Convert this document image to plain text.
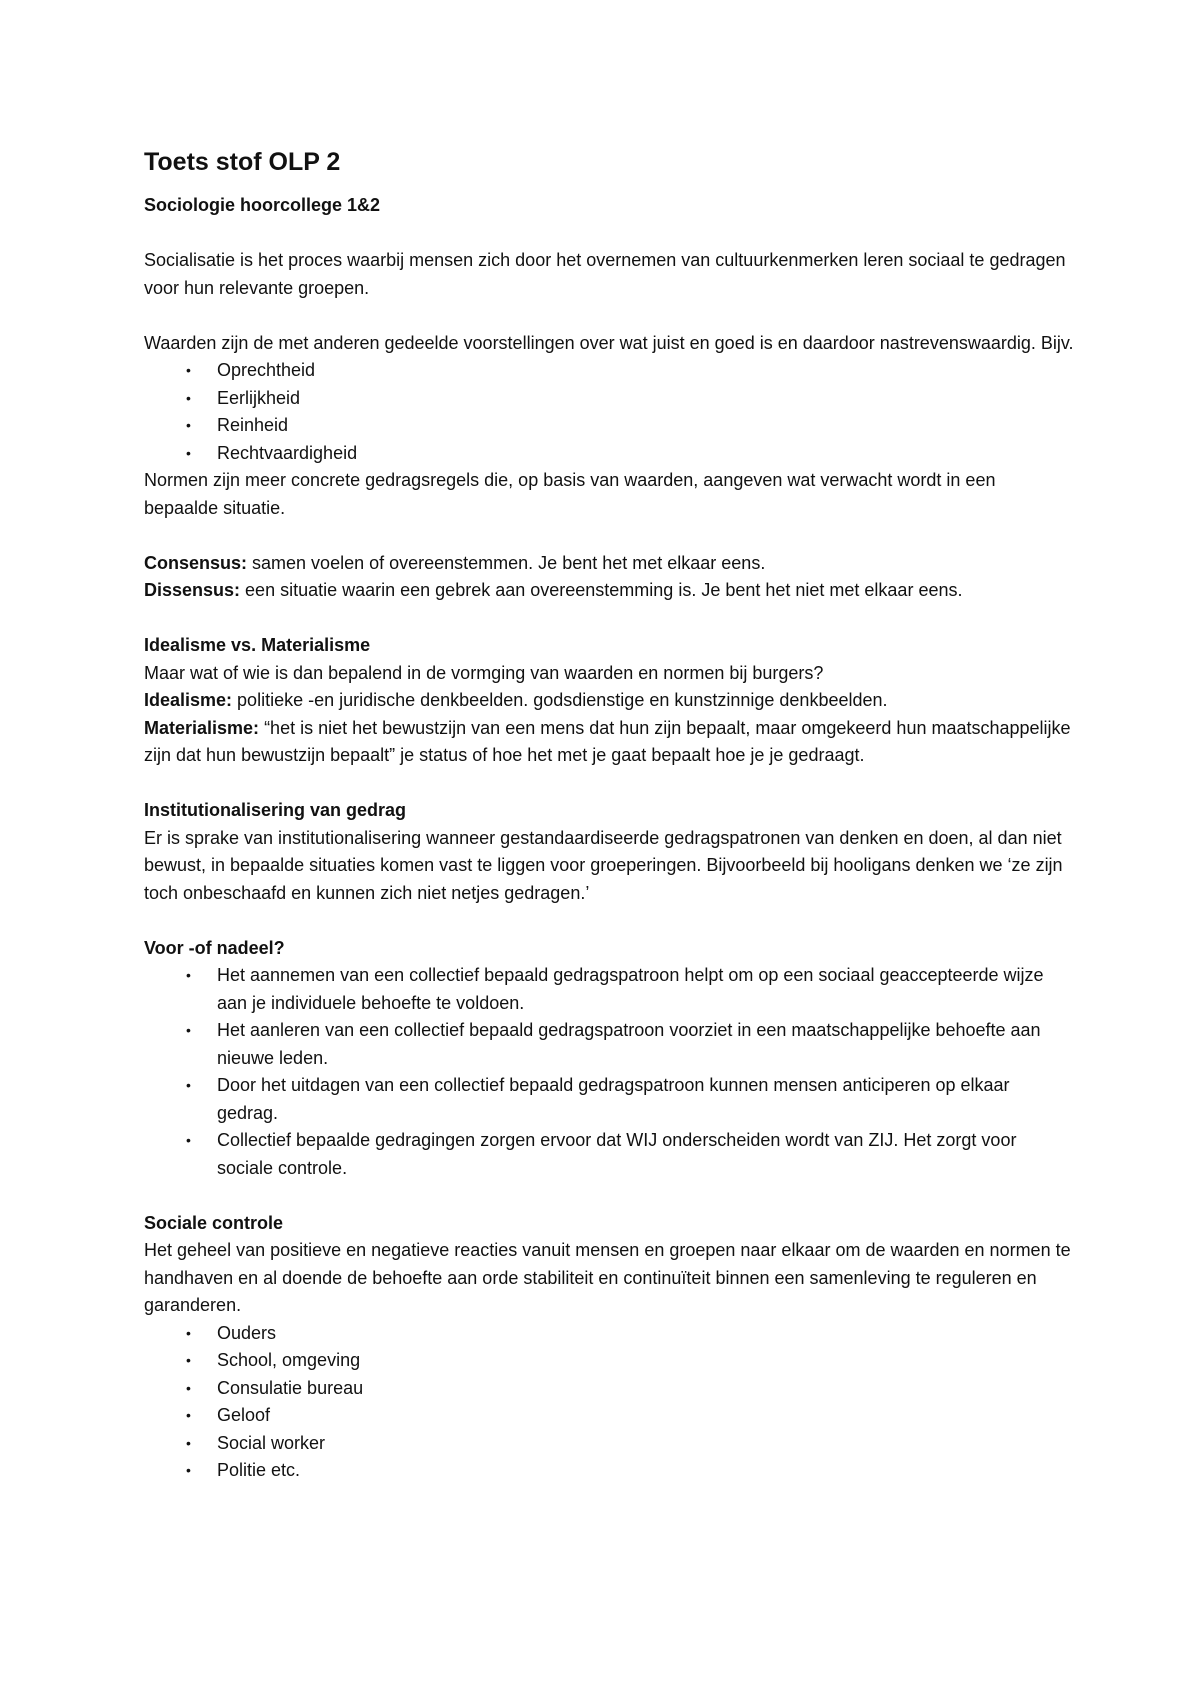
Toets stof OLP 2
Sociologie hoorcollege 1&2

Socialisatie is het proces waarbij mensen zich door het overnemen van cultuurkenmerken leren sociaal te gedragen voor hun relevante groepen.

Waarden zijn de met anderen gedeelde voorstellingen over wat juist en goed is en daardoor nastrevenswaardig. Bijv.

• Oprechtheid
• Eerlijkheid
• Reinheid
• Rechtvaardigheid

Normen zijn meer concrete gedragsregels die, op basis van waarden, aangeven wat verwacht wordt in een bepaalde situatie.

Consensus: samen voelen of overeenstemmen. Je bent het met elkaar eens.

Dissensus: een situatie waarin een gebrek aan overeenstemming is. Je bent het niet met elkaar eens.

Idealisme vs. Materialisme

Maar wat of wie is dan bepalend in de vormging van waarden en normen bij burgers?

Idealisme: politieke -en juridische denkbeelden. godsdienstige en kunstzinnige denkbeelden.

Materialisme: “het is niet het bewustzijn van een mens dat hun zijn bepaalt, maar omgekeerd hun maatschappelijke zijn dat hun bewustzijn bepaalt” je status of hoe het met je gaat bepaalt hoe je je gedraagt.

Institutionalisering van gedrag

Er is sprake van institutionalisering wanneer gestandaardiseerde gedragspatronen van denken en doen, al dan niet bewust, in bepaalde situaties komen vast te liggen voor groeperingen. Bijvoorbeeld bij hooligans denken we ‘ze zijn toch onbeschaafd en kunnen zich niet netjes gedragen.’

Voor -of nadeel?
• Het aannemen van een collectief bepaald gedragspatroon helpt om op een sociaal geaccepteerde wijze aan je individuele behoefte te voldoen.
• Het aanleren van een collectief bepaald gedragspatroon voorziet in een maatschappelijke behoefte aan nieuwe leden.
• Door het uitdagen van een collectief bepaald gedragspatroon kunnen mensen anticiperen op elkaar gedrag.
• Collectief bepaalde gedragingen zorgen ervoor dat WIJ onderscheiden wordt van ZIJ. Het zorgt voor sociale controle.
Sociale controle

Het geheel van positieve en negatieve reacties vanuit mensen en groepen naar elkaar om de waarden en normen te handhaven en al doende de behoefte aan orde stabiliteit en continuïteit binnen een samenleving te reguleren en garanderen.

• Ouders
• School, omgeving
• Consulatie bureau
• Geloof
• Social worker
• Politie etc.
